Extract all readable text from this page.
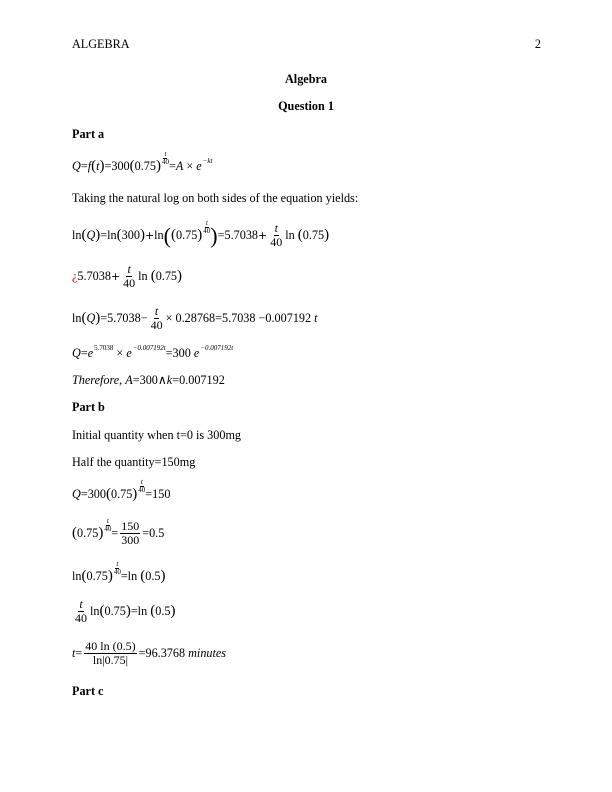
ALGEBRA	2
Algebra
Question 1
Part a
Q = f ( t ) = 300 ( 0.75 ) $\frac{t}{40} = A \times e -kt$
Taking the natural log on both sides of the equation yields:
ln ( Q ) =ln ( 300 ) + ln ( ( 0.75 ) $\frac{t}{40}$ ) = $5.7038 + \frac{t}{40}$ ln ( 0.75 )
¿ $5.7038 + \frac{t}{40}$ ln ( 0.75 )
ln ( Q ) = $5.7038 - \frac{t}{40} \times 0.28768 = 5.7038 - 0.007192$
t
Q = e 5.7038 × e −0.007192t = 300
e −0.007192t
Therefore , A = 300 ∧ k = 0.007192
Part b
Initial quantity when t=0 is 300mg
Half the quantity=150mg
Q = 300 ( 0.75 ) $\frac{t}{40} = 150$
( 0.75 ) $\frac{t}{40} = \frac{150}{300} = 0.5$
ln ( 0.75 ) $\frac{t}{40} =\ln$ ( 0.5 )
$\frac{t}{40}$ ln ( 0.75 ) =ln ( 0.5 )
$t = \frac{40 \ln (0.5)}{\ln⁡|0.75|} = 96.3768$
minutes
Part c
